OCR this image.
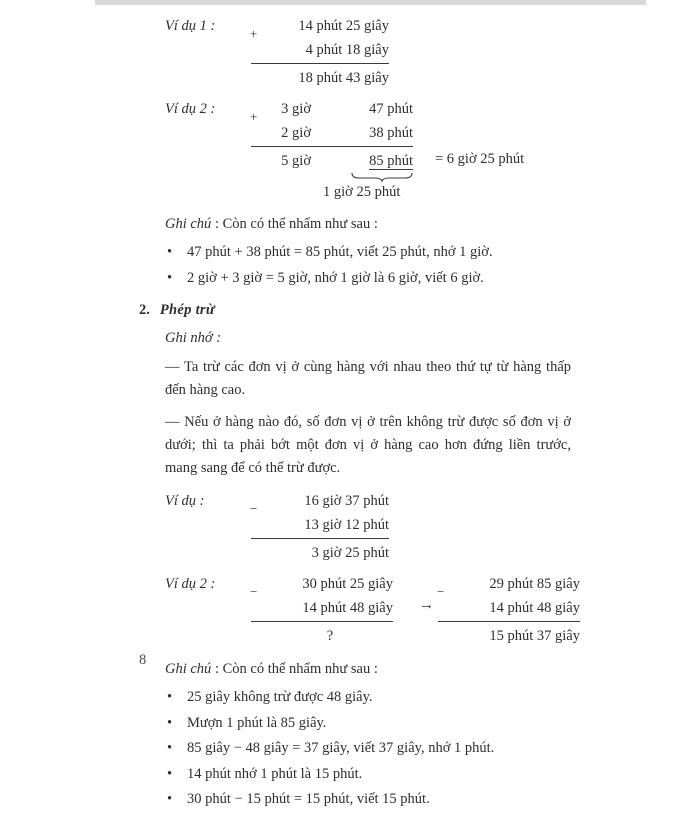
Ví dụ 1 :	+	14 phút 25 giây
4 phút 18 giây
18 phút 43 giây
Ví dụ 2 :	+	3 giờ	47 phút
2 giờ	38 phút
5 giờ	85 phút = 6 giờ 25 phút
1 giờ 25 phút

Ghi chú : Còn có thể nhẩm như sau :

•	47 phút + 38 phút = 85 phút, viết 25 phút, nhớ 1 giờ.
•	2 giờ + 3 giờ = 5 giờ, nhớ 1 giờ là 6 giờ, viết 6 giờ.
2. Phép trừ

Ghi nhớ :

— Ta trừ các đơn vị ở cùng hàng với nhau theo thứ tự từ hàng thấp đến hàng cao.

— Nếu ở hàng nào đó, số đơn vị ở trên không trừ được số đơn vị ở dưới; thì ta phải bớt một đơn vị ở hàng cao hơn đứng liền trước, mang sang để có thể trừ được.

Ví dụ :	−	16 giờ 37 phút
13 giờ 12 phút
3 giờ 25 phút
Ví dụ 2 :	−	30 phút 25 giây
14 phút 48 giây
?
→
−	29 phút 85 giây
14 phút 48 giây
15 phút 37 giây

Ghi chú : Còn có thể nhẩm như sau :

•	25 giây không trừ được 48 giây.
•	Mượn 1 phút là 85 giây.
•	85 giây − 48 giây = 37 giây, viết 37 giây, nhớ 1 phút.
•	14 phút nhớ 1 phút là 15 phút.
•	30 phút − 15 phút = 15 phút, viết 15 phút.
8
